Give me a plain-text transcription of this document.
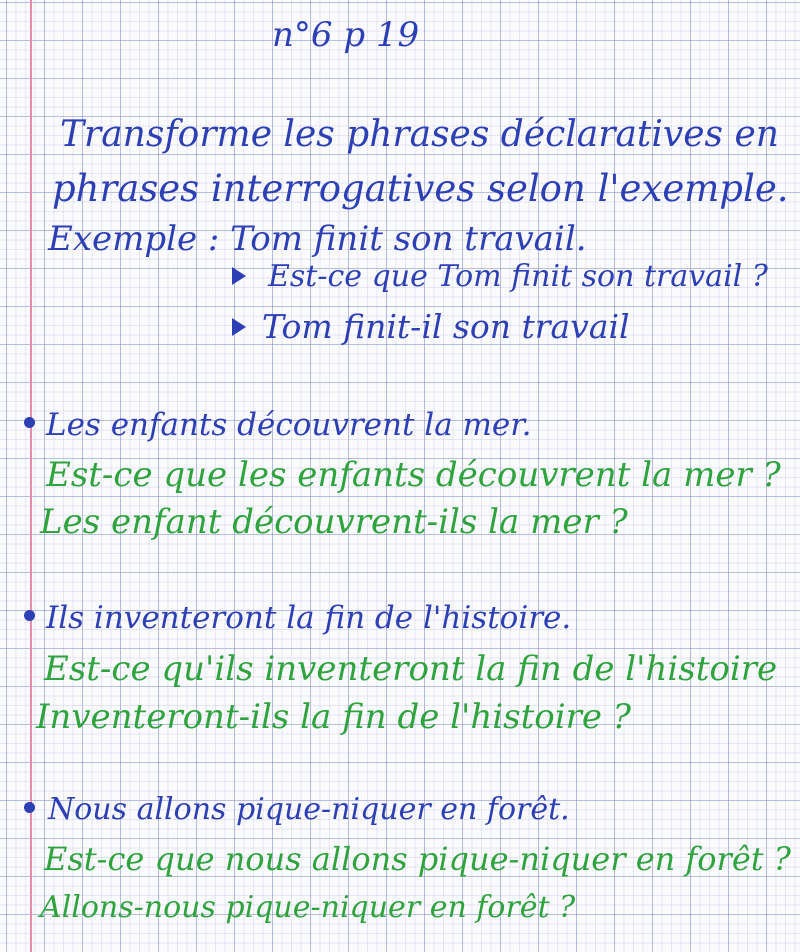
n°6 p 19
Transforme les phrases déclaratives en
phrases interrogatives selon l'exemple.
Exemple : Tom finit son travail.
Est-ce que Tom finit son travail ?
Tom finit-il son travail
Les enfants découvrent la mer.
Est-ce que les enfants découvrent la mer ?
Les enfant découvrent-ils la mer ?
Ils inventeront la fin de l'histoire.
Est-ce qu'ils inventeront la fin de l'histoire
Inventeront-ils la fin de l'histoire ?
Nous allons pique-niquer en forêt.
Est-ce que nous allons pique-niquer en forêt ?
Allons-nous pique-niquer en forêt ?
